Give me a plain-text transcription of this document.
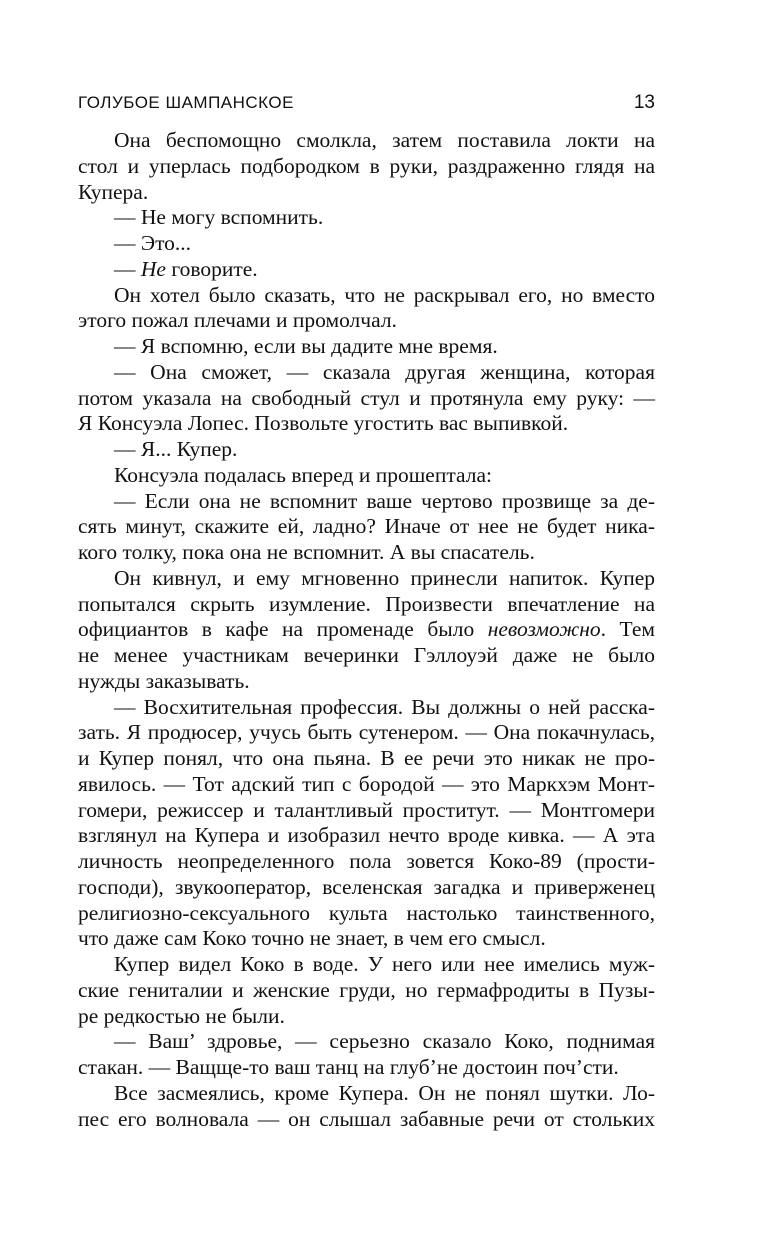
ГОЛУБОЕ ШАМПАНСКОЕ	13

Она беспомощно смолкла, затем поставила локти на
стол и уперлась подбородком в руки, раздраженно глядя на
Купера.

— Не могу вспомнить.

— Это...

— Не говорите.

Он хотел было сказать, что не раскрывал его, но вместо
этого пожал плечами и промолчал.

— Я вспомню, если вы дадите мне время.

— Она сможет, — сказала другая женщина, которая
потом указала на свободный стул и протянула ему руку: —
Я Консуэла Лопес. Позвольте угостить вас выпивкой.

— Я... Купер.

Консуэла подалась вперед и прошептала:

— Если она не вспомнит ваше чертово прозвище за де-
сять минут, скажите ей, ладно? Иначе от нее не будет ника-
кого толку, пока она не вспомнит. А вы спасатель.

Он кивнул, и ему мгновенно принесли напиток. Купер
попытался скрыть изумление. Произвести впечатление на
официантов в кафе на променаде было невозможно. Тем
не менее участникам вечеринки Гэллоуэй даже не было
нужды заказывать.

— Восхитительная профессия. Вы должны о ней расска-
зать. Я продюсер, учусь быть сутенером. — Она покачнулась,
и Купер понял, что она пьяна. В ее речи это никак не про-
явилось. — Тот адский тип с бородой — это Маркхэм Монт-
гомери, режиссер и талантливый проститут. — Монтгомери
взглянул на Купера и изобразил нечто вроде кивка. — А эта
личность неопределенного пола зовется Коко-89 (прости-
господи), звукооператор, вселенская загадка и приверженец
религиозно-сексуального культа настолько таинственного,
что даже сам Коко точно не знает, в чем его смысл.

Купер видел Коко в воде. У него или нее имелись муж-
ские гениталии и женские груди, но гермафродиты в Пузы-
ре редкостью не были.

— Ваш’ здровье, — серьезно сказало Коко, поднимая
стакан. — Ващще-то ваш танц на глуб’не достоин поч’сти.

Все засмеялись, кроме Купера. Он не понял шутки. Ло-
пес его волновала — он слышал забавные речи от стольких
